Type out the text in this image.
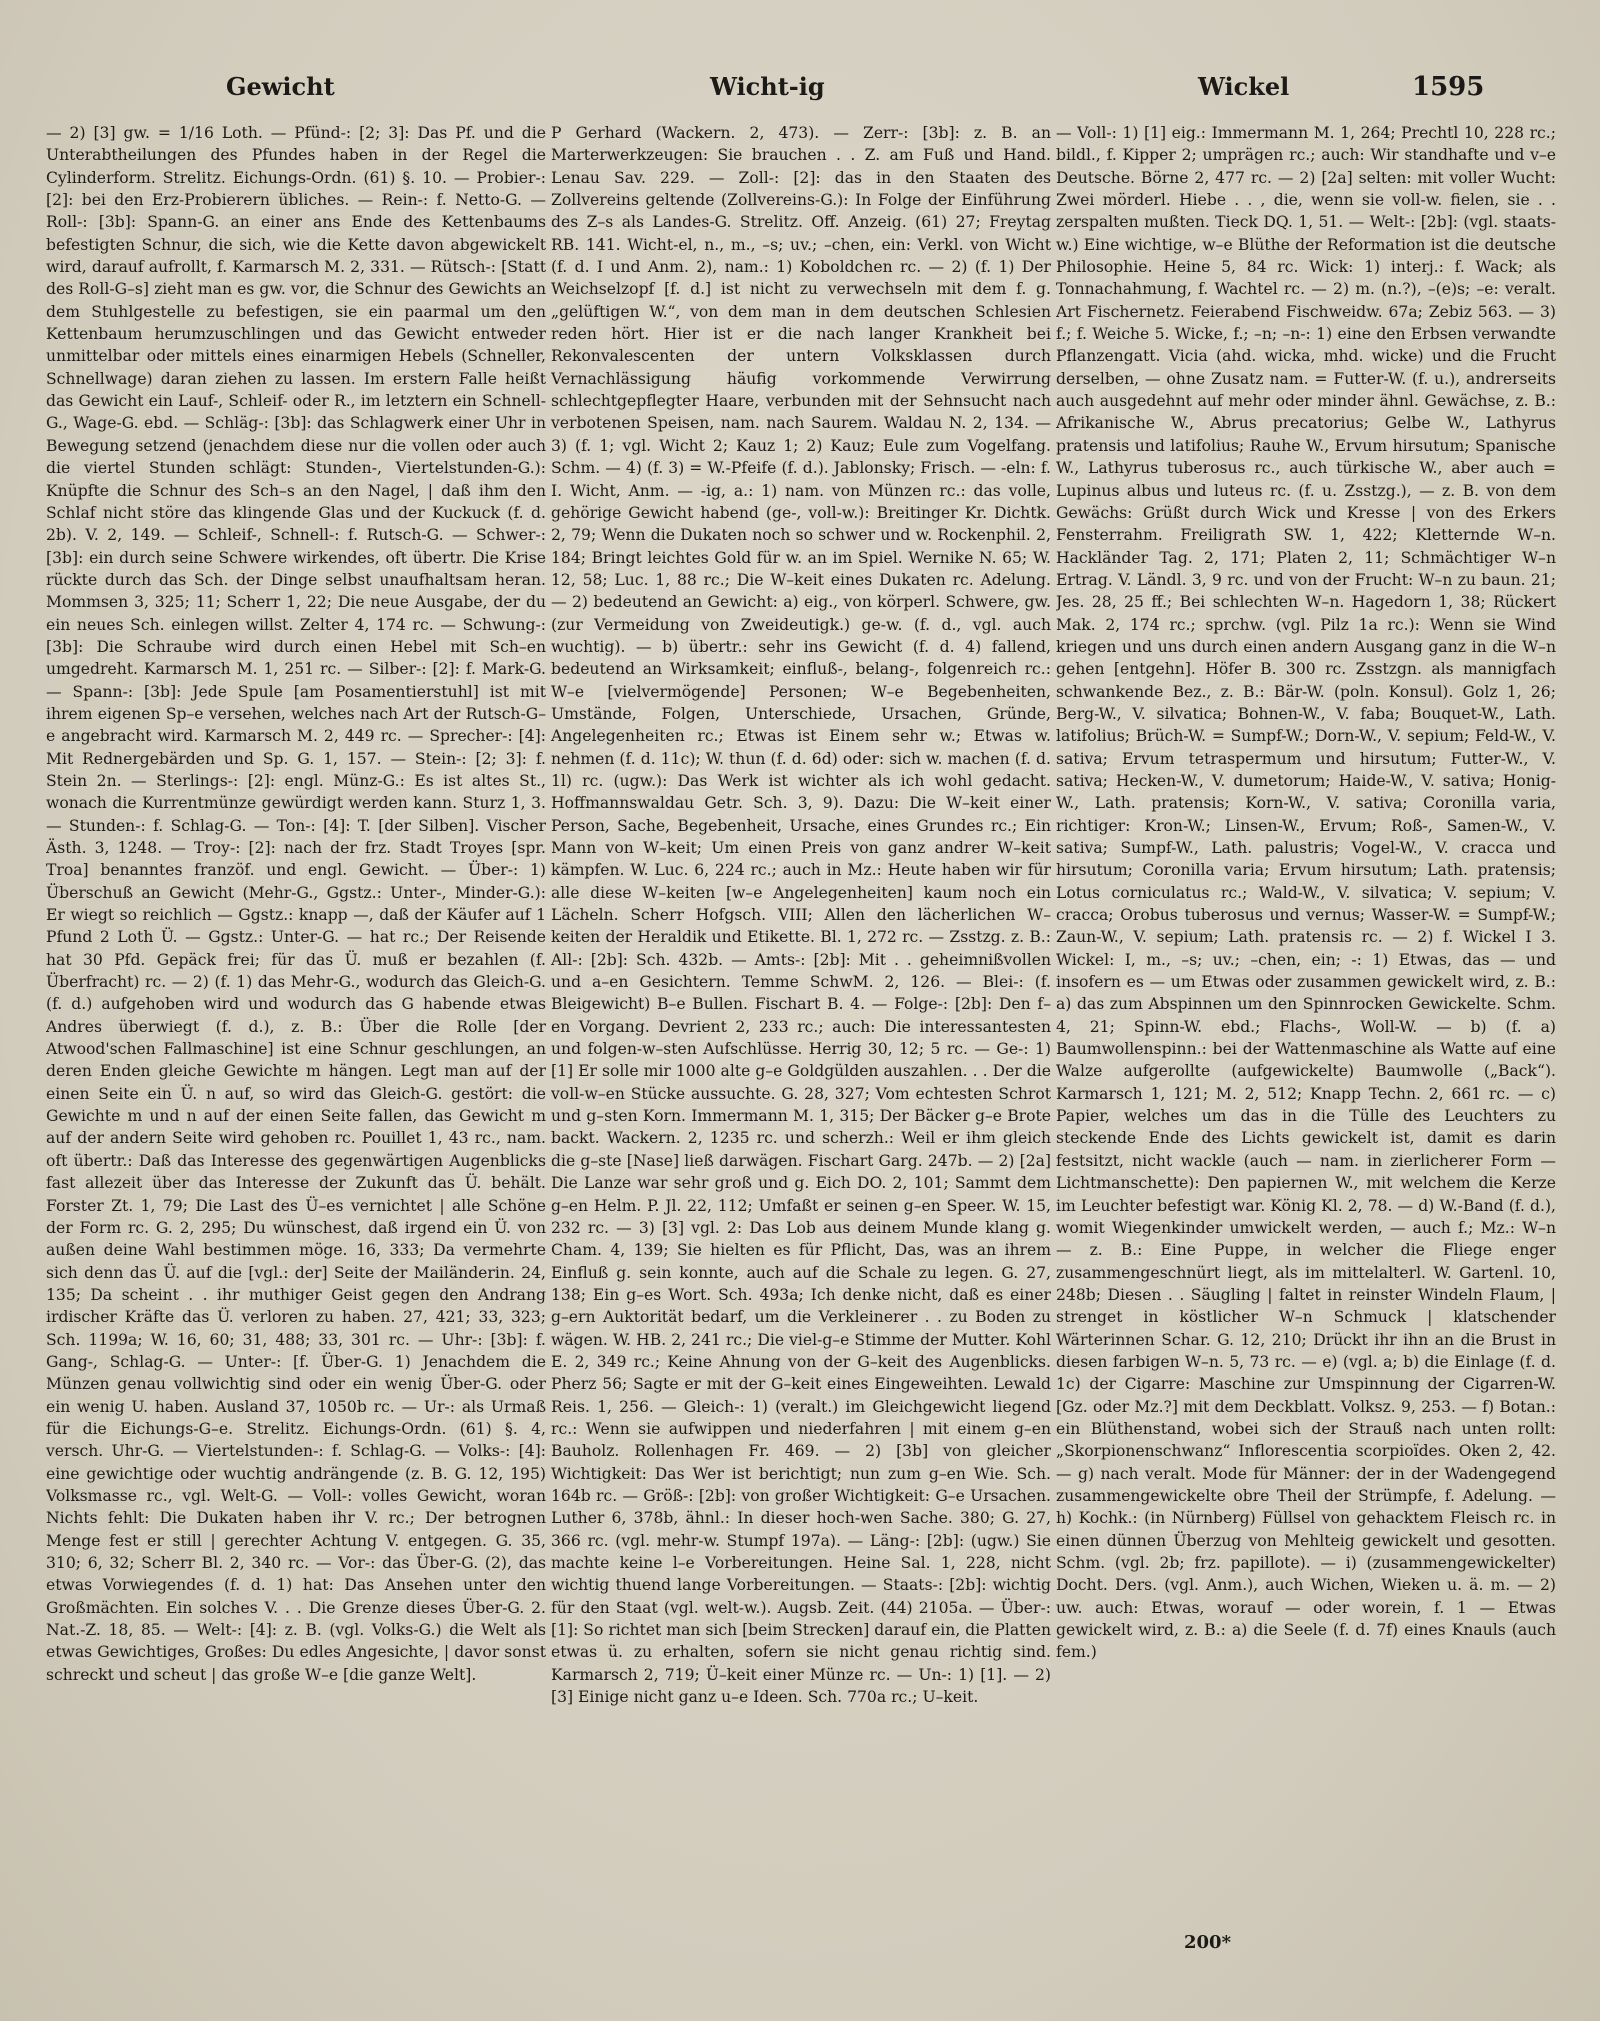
Gewicht	Wicht-ig	Wickel	1595

— 2) [3] gw. = 1/16 Loth. — Pfünd-: [2; 3]: Das Pf. und die Unterabtheilungen des Pfundes haben in der Regel die Cylinderform. Strelitz. Eichungs-Ordn. (61) §. 10. — Probier-: [2]: bei den Erz-Probierern übliches. — Rein-: f. Netto-G. — Roll-: [3b]: Spann-G. an einer ans Ende des Kettenbaums befestigten Schnur, die sich, wie die Kette davon abgewickelt wird, darauf aufrollt, f. Karmarsch M. 2, 331. — Rütsch-: [Statt des Roll-G–s] zieht man es gw. vor, die Schnur des Gewichts an dem Stuhlgestelle zu befestigen, sie ein paarmal um den Kettenbaum herumzuschlingen und das Gewicht entweder unmittelbar oder mittels eines einarmigen Hebels (Schneller, Schnellwage) daran ziehen zu lassen. Im erstern Falle heißt das Gewicht ein Lauf-, Schleif- oder R., im letztern ein Schnell-G., Wage-G. ebd. — Schläg-: [3b]: das Schlagwerk einer Uhr in Bewegung setzend (jenachdem diese nur die vollen oder auch die viertel Stunden schlägt: Stunden-, Viertelstunden-G.): Knüpfte die Schnur des Sch–s an den Nagel, | daß ihm den Schlaf nicht störe das klingende Glas und der Kuckuck (f. d. 2b). V. 2, 149. — Schleif-, Schnell-: f. Rutsch-G. — Schwer-: [3b]: ein durch seine Schwere wirkendes, oft übertr. Die Krise rückte durch das Sch. der Dinge selbst unaufhaltsam heran. Mommsen 3, 325; 11; Scherr 1, 22; Die neue Ausgabe, der du ein neues Sch. einlegen willst. Zelter 4, 174 rc. — Schwung-: [3b]: Die Schraube wird durch einen Hebel mit Sch–en umgedreht. Karmarsch M. 1, 251 rc. — Silber-: [2]: f. Mark-G. — Spann-: [3b]: Jede Spule [am Posamentierstuhl] ist mit ihrem eigenen Sp–e versehen, welches nach Art der Rutsch-G–e angebracht wird. Karmarsch M. 2, 449 rc. — Sprecher-: [4]: Mit Rednergebärden und Sp. G. 1, 157. — Stein-: [2; 3]: f. Stein 2n. — Sterlings-: [2]: engl. Münz-G.: Es ist altes St., wonach die Kurrentmünze gewürdigt werden kann. Sturz 1, 3. — Stunden-: f. Schlag-G. — Ton-: [4]: T. [der Silben]. Vischer Ästh. 3, 1248. — Troy-: [2]: nach der frz. Stadt Troyes [spr. Troa] benanntes franzöf. und engl. Gewicht. — Über-: 1) Überschuß an Gewicht (Mehr-G., Ggstz.: Unter-, Minder-G.): Er wiegt so reichlich — Ggstz.: knapp —, daß der Käufer auf 1 Pfund 2 Loth Ü. — Ggstz.: Unter-G. — hat rc.; Der Reisende hat 30 Pfd. Gepäck frei; für das Ü. muß er bezahlen (f. Überfracht) rc. — 2) (f. 1) das Mehr-G., wodurch das Gleich-G. (f. d.) aufgehoben wird und wodurch das G habende etwas Andres überwiegt (f. d.), z. B.: Über die Rolle [der Atwood'schen Fallmaschine] ist eine Schnur geschlungen, an deren Enden gleiche Gewichte m hängen. Legt man auf der einen Seite ein Ü. n auf, so wird das Gleich-G. gestört: die Gewichte m und n auf der einen Seite fallen, das Gewicht m auf der andern Seite wird gehoben rc. Pouillet 1, 43 rc., nam. oft übertr.: Daß das Interesse des gegenwärtigen Augenblicks fast allezeit über das Interesse der Zukunft das Ü. behält. Forster Zt. 1, 79; Die Last des Ü–es vernichtet | alle Schöne der Form rc. G. 2, 295; Du wünschest, daß irgend ein Ü. von außen deine Wahl bestimmen möge. 16, 333; Da vermehrte sich denn das Ü. auf die [vgl.: der] Seite der Mailänderin. 24, 135; Da scheint . . ihr muthiger Geist gegen den Andrang irdischer Kräfte das Ü. verloren zu haben. 27, 421; 33, 323; Sch. 1199a; W. 16, 60; 31, 488; 33, 301 rc. — Uhr-: [3b]: f. Gang-, Schlag-G. — Unter-: [f. Über-G. 1) Jenachdem die Münzen genau vollwichtig sind oder ein wenig Über-G. oder ein wenig U. haben. Ausland 37, 1050b rc. — Ur-: als Urmaß für die Eichungs-G–e. Strelitz. Eichungs-Ordn. (61) §. 4, versch. Uhr-G. — Viertelstunden-: f. Schlag-G. — Volks-: [4]: eine gewichtige oder wuchtig andrängende (z. B. G. 12, 195) Volksmasse rc., vgl. Welt-G. — Voll-: volles Gewicht, woran Nichts fehlt: Die Dukaten haben ihr V. rc.; Der betrognen Menge fest er still | gerechter Achtung V. entgegen. G. 35, 310; 6, 32; Scherr Bl. 2, 340 rc. — Vor-: das Über-G. (2), das etwas Vorwiegendes (f. d. 1) hat: Das Ansehen unter den Großmächten. Ein solches V. . . Die Grenze dieses Über-G. 2. Nat.-Z. 18, 85. — Welt-: [4]: z. B. (vgl. Volks-G.) die Welt als etwas Gewichtiges, Großes: Du edles Angesichte, | davor sonst schreckt und scheut | das große W–e [die ganze Welt].

P Gerhard (Wackern. 2, 473). — Zerr-: [3b]: z. B. an Marterwerkzeugen: Sie brauchen . . Z. am Fuß und Hand. Lenau Sav. 229. — Zoll-: [2]: das in den Staaten des Zollvereins geltende (Zollvereins-G.): In Folge der Einführung des Z–s als Landes-G. Strelitz. Off. Anzeig. (61) 27; Freytag RB. 141. Wicht-el, n., m., –s; uv.; –chen, ein: Verkl. von Wicht (f. d. I und Anm. 2), nam.: 1) Koboldchen rc. — 2) (f. 1) Der Weichselzopf [f. d.] ist nicht zu verwechseln mit dem f. g. „gelüftigen W.“, von dem man in dem deutschen Schlesien reden hört. Hier ist er die nach langer Krankheit bei Rekonvalescenten der untern Volksklassen durch Vernachlässigung häufig vorkommende Verwirrung schlechtgepflegter Haare, verbunden mit der Sehnsucht nach verbotenen Speisen, nam. nach Saurem. Waldau N. 2, 134. — 3) (f. 1; vgl. Wicht 2; Kauz 1; 2) Kauz; Eule zum Vogelfang. Schm. — 4) (f. 3) = W.-Pfeife (f. d.). Jablonsky; Frisch. — -eln: f. I. Wicht, Anm. — -ig, a.: 1) nam. von Münzen rc.: das volle, gehörige Gewicht habend (ge-, voll-w.): Breitinger Kr. Dichtk. 2, 79; Wenn die Dukaten noch so schwer und w. Rockenphil. 2, 184; Bringt leichtes Gold für w. an im Spiel. Wernike N. 65; W. 12, 58; Luc. 1, 88 rc.; Die W–keit eines Dukaten rc. Adelung. — 2) bedeutend an Gewicht: a) eig., von körperl. Schwere, gw. (zur Vermeidung von Zweideutigk.) ge-w. (f. d., vgl. auch wuchtig). — b) übertr.: sehr ins Gewicht (f. d. 4) fallend, bedeutend an Wirksamkeit; einfluß-, belang-, folgenreich rc.: W–e [vielvermögende] Personen; W–e Begebenheiten, Umstände, Folgen, Unterschiede, Ursachen, Gründe, Angelegenheiten rc.; Etwas ist Einem sehr w.; Etwas w. nehmen (f. d. 11c); W. thun (f. d. 6d) oder: sich w. machen (f. d. 1l) rc. (ugw.): Das Werk ist wichter als ich wohl gedacht. Hoffmannswaldau Getr. Sch. 3, 9). Dazu: Die W–keit einer Person, Sache, Begebenheit, Ursache, eines Grundes rc.; Ein Mann von W–keit; Um einen Preis von ganz andrer W–keit kämpfen. W. Luc. 6, 224 rc.; auch in Mz.: Heute haben wir für alle diese W–keiten [w–e Angelegenheiten] kaum noch ein Lächeln. Scherr Hofgsch. VIII; Allen den lächerlichen W–keiten der Heraldik und Etikette. Bl. 1, 272 rc. — Zsstzg. z. B.: All-: [2b]: Sch. 432b. — Amts-: [2b]: Mit . . geheimnißvollen und a–en Gesichtern. Temme SchwM. 2, 126. — Blei-: (f. Bleigewicht) B–e Bullen. Fischart B. 4. — Folge-: [2b]: Den f–en Vorgang. Devrient 2, 233 rc.; auch: Die interessantesten und folgen-w–sten Aufschlüsse. Herrig 30, 12; 5 rc. — Ge-: 1) [1] Er solle mir 1000 alte g–e Goldgülden auszahlen. . . Der die voll-w–en Stücke aussuchte. G. 28, 327; Vom echtesten Schrot und g–sten Korn. Immermann M. 1, 315; Der Bäcker g–e Brote backt. Wackern. 2, 1235 rc. und scherzh.: Weil er ihm gleich die g–ste [Nase] ließ darwägen. Fischart Garg. 247b. — 2) [2a] Die Lanze war sehr groß und g. Eich DO. 2, 101; Sammt dem g–en Helm. P. Jl. 22, 112; Umfaßt er seinen g–en Speer. W. 15, 232 rc. — 3) [3] vgl. 2: Das Lob aus deinem Munde klang g. Cham. 4, 139; Sie hielten es für Pflicht, Das, was an ihrem Einfluß g. sein konnte, auch auf die Schale zu legen. G. 27, 138; Ein g–es Wort. Sch. 493a; Ich denke nicht, daß es einer g–ern Auktorität bedarf, um die Verkleinerer . . zu Boden zu wägen. W. HB. 2, 241 rc.; Die viel-g–e Stimme der Mutter. Kohl E. 2, 349 rc.; Keine Ahnung von der G–keit des Augenblicks. Pherz 56; Sagte er mit der G–keit eines Eingeweihten. Lewald Reis. 1, 256. — Gleich-: 1) (veralt.) im Gleichgewicht liegend rc.: Wenn sie aufwippen und niederfahren | mit einem g–en Bauholz. Rollenhagen Fr. 469. — 2) [3b] von gleicher Wichtigkeit: Das Wer ist berichtigt; nun zum g–en Wie. Sch. 164b rc. — Größ-: [2b]: von großer Wichtigkeit: G–e Ursachen. Luther 6, 378b, ähnl.: In dieser hoch-wen Sache. 380; G. 27, 366 rc. (vgl. mehr-w. Stumpf 197a). — Läng-: [2b]: (ugw.) Sie machte keine l–e Vorbereitungen. Heine Sal. 1, 228, nicht wichtig thuend lange Vorbereitungen. — Staats-: [2b]: wichtig für den Staat (vgl. welt-w.). Augsb. Zeit. (44) 2105a. — Über-: [1]: So richtet man sich [beim Strecken] darauf ein, die Platten etwas ü. zu erhalten, sofern sie nicht genau richtig sind. Karmarsch 2, 719; Ü–keit einer Münze rc. — Un-: 1) [1]. — 2) [3] Einige nicht ganz u–e Ideen. Sch. 770a rc.; U–keit.

— Voll-: 1) [1] eig.: Immermann M. 1, 264; Prechtl 10, 228 rc.; bildl., f. Kipper 2; umprägen rc.; auch: Wir standhafte und v–e Deutsche. Börne 2, 477 rc. — 2) [2a] selten: mit voller Wucht: Zwei mörderl. Hiebe . . , die, wenn sie voll-w. fielen, sie . . zerspalten mußten. Tieck DQ. 1, 51. — Welt-: [2b]: (vgl. staats-w.) Eine wichtige, w–e Blüthe der Reformation ist die deutsche Philosophie. Heine 5, 84 rc. Wick: 1) interj.: f. Wack; als Tonnachahmung, f. Wachtel rc. — 2) m. (n.?), –(e)s; –e: veralt. Art Fischernetz. Feierabend Fischweidw. 67a; Zebiz 563. — 3) f.; f. Weiche 5. Wicke, f.; –n; –n-: 1) eine den Erbsen verwandte Pflanzengatt. Vicia (ahd. wicka, mhd. wicke) und die Frucht derselben, — ohne Zusatz nam. = Futter-W. (f. u.), andrerseits auch ausgedehnt auf mehr oder minder ähnl. Gewächse, z. B.: Afrikanische W., Abrus precatorius; Gelbe W., Lathyrus pratensis und latifolius; Rauhe W., Ervum hirsutum; Spanische W., Lathyrus tuberosus rc., auch türkische W., aber auch = Lupinus albus und luteus rc. (f. u. Zsstzg.), — z. B. von dem Gewächs: Grüßt durch Wick und Kresse | von des Erkers Fensterrahm. Freiligrath SW. 1, 422; Kletternde W–n. Hackländer Tag. 2, 171; Platen 2, 11; Schmächtiger W–n Ertrag. V. Ländl. 3, 9 rc. und von der Frucht: W–n zu baun. 21; Jes. 28, 25 ff.; Bei schlechten W–n. Hagedorn 1, 38; Rückert Mak. 2, 174 rc.; sprchw. (vgl. Pilz 1a rc.): Wenn sie Wind kriegen und uns durch einen andern Ausgang ganz in die W–n gehen [entgehn]. Höfer B. 300 rc. Zsstzgn. als mannigfach schwankende Bez., z. B.: Bär-W. (poln. Konsul). Golz 1, 26; Berg-W., V. silvatica; Bohnen-W., V. faba; Bouquet-W., Lath. latifolius; Brüch-W. = Sumpf-W.; Dorn-W., V. sepium; Feld-W., V. sativa; Ervum tetraspermum und hirsutum; Futter-W., V. sativa; Hecken-W., V. dumetorum; Haide-W., V. sativa; Honig-W., Lath. pratensis; Korn-W., V. sativa; Coronilla varia, richtiger: Kron-W.; Linsen-W., Ervum; Roß-, Samen-W., V. sativa; Sumpf-W., Lath. palustris; Vogel-W., V. cracca und hirsutum; Coronilla varia; Ervum hirsutum; Lath. pratensis; Lotus corniculatus rc.; Wald-W., V. silvatica; V. sepium; V. cracca; Orobus tuberosus und vernus; Wasser-W. = Sumpf-W.; Zaun-W., V. sepium; Lath. pratensis rc. — 2) f. Wickel I 3. Wickel: I, m., –s; uv.; –chen, ein; -: 1) Etwas, das — und insofern es — um Etwas oder zusammen gewickelt wird, z. B.: a) das zum Abspinnen um den Spinnrocken Gewickelte. Schm. 4, 21; Spinn-W. ebd.; Flachs-, Woll-W. — b) (f. a) Baumwollenspinn.: bei der Wattenmaschine als Watte auf eine Walze aufgerollte (aufgewickelte) Baumwolle („Back“). Karmarsch 1, 121; M. 2, 512; Knapp Techn. 2, 661 rc. — c) Papier, welches um das in die Tülle des Leuchters zu steckende Ende des Lichts gewickelt ist, damit es darin festsitzt, nicht wackle (auch — nam. in zierlicherer Form — Lichtmanschette): Den papiernen W., mit welchem die Kerze im Leuchter befestigt war. König Kl. 2, 78. — d) W.-Band (f. d.), womit Wiegenkinder umwickelt werden, — auch f.; Mz.: W–n — z. B.: Eine Puppe, in welcher die Fliege enger zusammengeschnürt liegt, als im mittelalterl. W. Gartenl. 10, 248b; Diesen . . Säugling | faltet in reinster Windeln Flaum, | strenget in köstlicher W–n Schmuck | klatschender Wärterinnen Schar. G. 12, 210; Drückt ihr ihn an die Brust in diesen farbigen W–n. 5, 73 rc. — e) (vgl. a; b) die Einlage (f. d. 1c) der Cigarre: Maschine zur Umspinnung der Cigarren-W. [Gz. oder Mz.?] mit dem Deckblatt. Volksz. 9, 253. — f) Botan.: ein Blüthenstand, wobei sich der Strauß nach unten rollt: „Skorpionenschwanz“ Inflorescentia scorpioïdes. Oken 2, 42. — g) nach veralt. Mode für Männer: der in der Wadengegend zusammengewickelte obre Theil der Strümpfe, f. Adelung. — h) Kochk.: (in Nürnberg) Füllsel von gehacktem Fleisch rc. in einen dünnen Überzug von Mehlteig gewickelt und gesotten. Schm. (vgl. 2b; frz. papillote). — i) (zusammengewickelter) Docht. Ders. (vgl. Anm.), auch Wichen, Wieken u. ä. m. — 2) uw. auch: Etwas, worauf — oder worein, f. 1 — Etwas gewickelt wird, z. B.: a) die Seele (f. d. 7f) eines Knauls (auch fem.)

200*
